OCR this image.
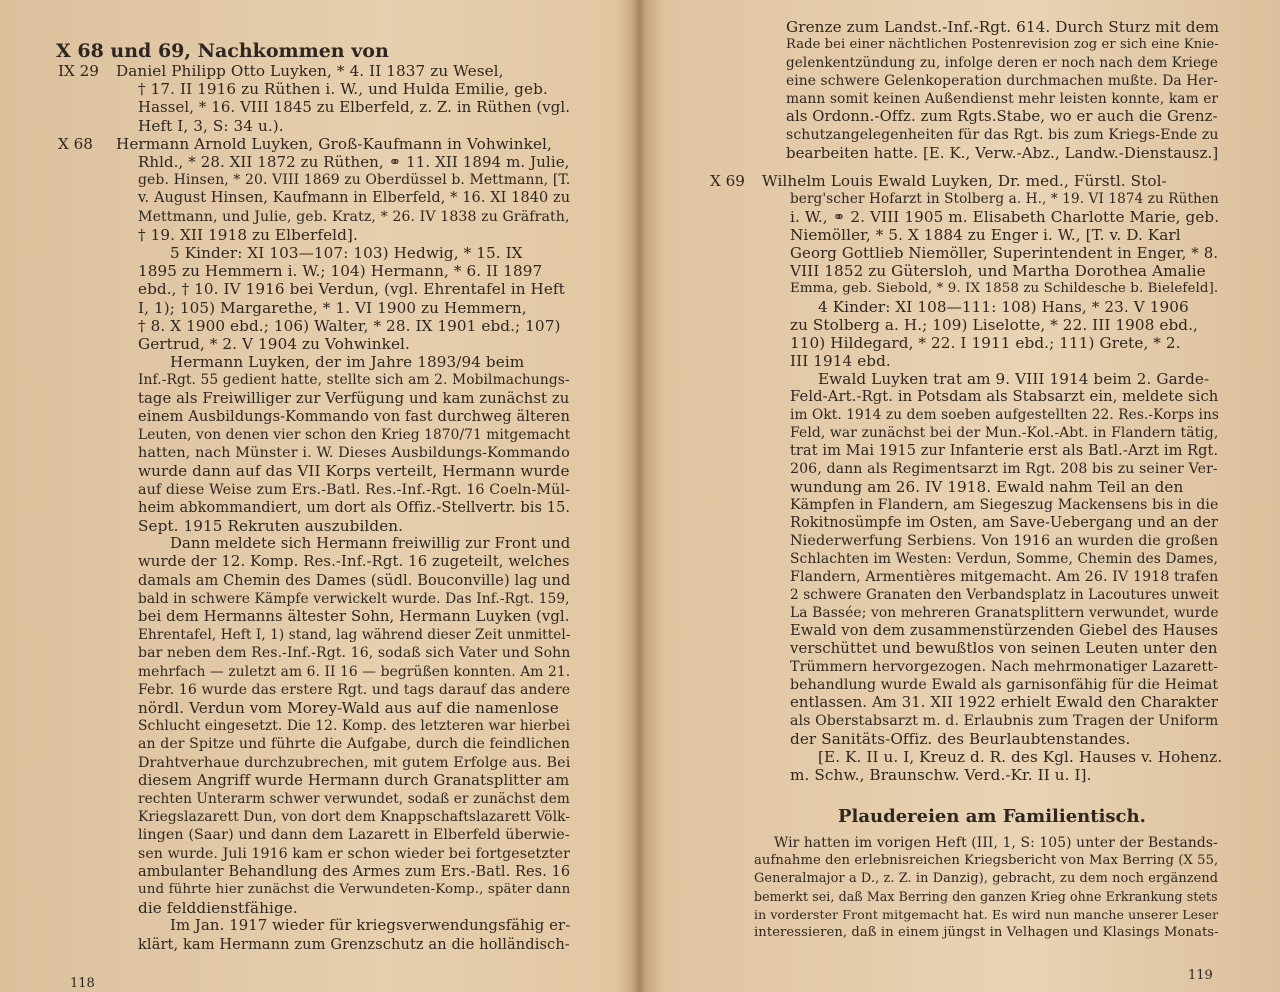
X 68 und 69, Nachkommen von
IX 29 Daniel Philipp Otto Luyken, * 4. II 1837 zu Wesel,
† 17. II 1916 zu Rüthen i. W., und Hulda Emilie, geb.
Hassel, * 16. VIII 1845 zu Elberfeld, z. Z. in Rüthen (vgl.
Heft I, 3, S: 34 u.).
X 68 Hermann Arnold Luyken, Groß-Kaufmann in Vohwinkel,
Rhld., * 28. XII 1872 zu Rüthen, ⚭ 11. XII 1894 m. Julie,
geb. Hinsen, * 20. VIII 1869 zu Oberdüssel b. Mettmann, [T.
v. August Hinsen, Kaufmann in Elberfeld, * 16. XI 1840 zu
Mettmann, und Julie, geb. Kratz, * 26. IV 1838 zu Gräfrath,
† 19. XII 1918 zu Elberfeld].
5 Kinder: XI 103—107: 103) Hedwig, * 15. IX
1895 zu Hemmern i. W.; 104) Hermann, * 6. II 1897
ebd., † 10. IV 1916 bei Verdun, (vgl. Ehrentafel in Heft
I, 1); 105) Margarethe, * 1. VI 1900 zu Hemmern,
† 8. X 1900 ebd.; 106) Walter, * 28. IX 1901 ebd.; 107)
Gertrud, * 2. V 1904 zu Vohwinkel.
Hermann Luyken, der im Jahre 1893/94 beim
Inf.-Rgt. 55 gedient hatte, stellte sich am 2. Mobilmachungs-
tage als Freiwilliger zur Verfügung und kam zunächst zu
einem Ausbildungs-Kommando von fast durchweg älteren
Leuten, von denen vier schon den Krieg 1870/71 mitgemacht
hatten, nach Münster i. W. Dieses Ausbildungs-Kommando
wurde dann auf das VII Korps verteilt, Hermann wurde
auf diese Weise zum Ers.-Batl. Res.-Inf.-Rgt. 16 Coeln-Mül-
heim abkommandiert, um dort als Offiz.-Stellvertr. bis 15.
Sept. 1915 Rekruten auszubilden.
Dann meldete sich Hermann freiwillig zur Front und
wurde der 12. Komp. Res.-Inf.-Rgt. 16 zugeteilt, welches
damals am Chemin des Dames (südl. Bouconville) lag und
bald in schwere Kämpfe verwickelt wurde. Das Inf.-Rgt. 159,
bei dem Hermanns ältester Sohn, Hermann Luyken (vgl.
Ehrentafel, Heft I, 1) stand, lag während dieser Zeit unmittel-
bar neben dem Res.-Inf.-Rgt. 16, sodaß sich Vater und Sohn
mehrfach — zuletzt am 6. II 16 — begrüßen konnten. Am 21.
Febr. 16 wurde das erstere Rgt. und tags darauf das andere
nördl. Verdun vom Morey-Wald aus auf die namenlose
Schlucht eingesetzt. Die 12. Komp. des letzteren war hierbei
an der Spitze und führte die Aufgabe, durch die feindlichen
Drahtverhaue durchzubrechen, mit gutem Erfolge aus. Bei
diesem Angriff wurde Hermann durch Granatsplitter am
rechten Unterarm schwer verwundet, sodaß er zunächst dem
Kriegslazarett Dun, von dort dem Knappschaftslazarett Völk-
lingen (Saar) und dann dem Lazarett in Elberfeld überwie-
sen wurde. Juli 1916 kam er schon wieder bei fortgesetzter
ambulanter Behandlung des Armes zum Ers.-Batl. Res. 16
und führte hier zunächst die Verwundeten-Komp., später dann
die felddienstfähige.
Im Jan. 1917 wieder für kriegsverwendungsfähig er-
klärt, kam Hermann zum Grenzschutz an die holländisch-
118
Grenze zum Landst.-Inf.-Rgt. 614. Durch Sturz mit dem
Rade bei einer nächtlichen Postenrevision zog er sich eine Knie-
gelenkentzündung zu, infolge deren er noch nach dem Kriege
eine schwere Gelenkoperation durchmachen mußte. Da Her-
mann somit keinen Außendienst mehr leisten konnte, kam er
als Ordonn.-Offz. zum Rgts.Stabe, wo er auch die Grenz-
schutzangelegenheiten für das Rgt. bis zum Kriegs-Ende zu
bearbeiten hatte. [E. K., Verw.-Abz., Landw.-Dienstausz.]
X 69 Wilhelm Louis Ewald Luyken, Dr. med., Fürstl. Stol-
berg'scher Hofarzt in Stolberg a. H., * 19. VI 1874 zu Rüthen
i. W., ⚭ 2. VIII 1905 m. Elisabeth Charlotte Marie, geb.
Niemöller, * 5. X 1884 zu Enger i. W., [T. v. D. Karl
Georg Gottlieb Niemöller, Superintendent in Enger, * 8.
VIII 1852 zu Gütersloh, und Martha Dorothea Amalie
Emma, geb. Siebold, * 9. IX 1858 zu Schildesche b. Bielefeld].
4 Kinder: XI 108—111: 108) Hans, * 23. V 1906
zu Stolberg a. H.; 109) Liselotte, * 22. III 1908 ebd.,
110) Hildegard, * 22. I 1911 ebd.; 111) Grete, * 2.
III 1914 ebd.
Ewald Luyken trat am 9. VIII 1914 beim 2. Garde-
Feld-Art.-Rgt. in Potsdam als Stabsarzt ein, meldete sich
im Okt. 1914 zu dem soeben aufgestellten 22. Res.-Korps ins
Feld, war zunächst bei der Mun.-Kol.-Abt. in Flandern tätig,
trat im Mai 1915 zur Infanterie erst als Batl.-Arzt im Rgt.
206, dann als Regimentsarzt im Rgt. 208 bis zu seiner Ver-
wundung am 26. IV 1918. Ewald nahm Teil an den
Kämpfen in Flandern, am Siegeszug Mackensens bis in die
Rokitnosümpfe im Osten, am Save-Uebergang und an der
Niederwerfung Serbiens. Von 1916 an wurden die großen
Schlachten im Westen: Verdun, Somme, Chemin des Dames,
Flandern, Armentières mitgemacht. Am 26. IV 1918 trafen
2 schwere Granaten den Verbandsplatz in Lacoutures unweit
La Bassée; von mehreren Granatsplittern verwundet, wurde
Ewald von dem zusammenstürzenden Giebel des Hauses
verschüttet und bewußtlos von seinen Leuten unter den
Trümmern hervorgezogen. Nach mehrmonatiger Lazarett-
behandlung wurde Ewald als garnisonfähig für die Heimat
entlassen. Am 31. XII 1922 erhielt Ewald den Charakter
als Oberstabsarzt m. d. Erlaubnis zum Tragen der Uniform
der Sanitäts-Offiz. des Beurlaubtenstandes.
[E. K. II u. I, Kreuz d. R. des Kgl. Hauses v. Hohenz.
m. Schw., Braunschw. Verd.-Kr. II u. I].
Plaudereien am Familientisch.
Wir hatten im vorigen Heft (III, 1, S: 105) unter der Bestands-
aufnahme den erlebnisreichen Kriegsbericht von Max Berring (X 55,
Generalmajor a D., z. Z. in Danzig), gebracht, zu dem noch ergänzend
bemerkt sei, daß Max Berring den ganzen Krieg ohne Erkrankung stets
in vorderster Front mitgemacht hat. Es wird nun manche unserer Leser
interessieren, daß in einem jüngst in Velhagen und Klasings Monats-
119
